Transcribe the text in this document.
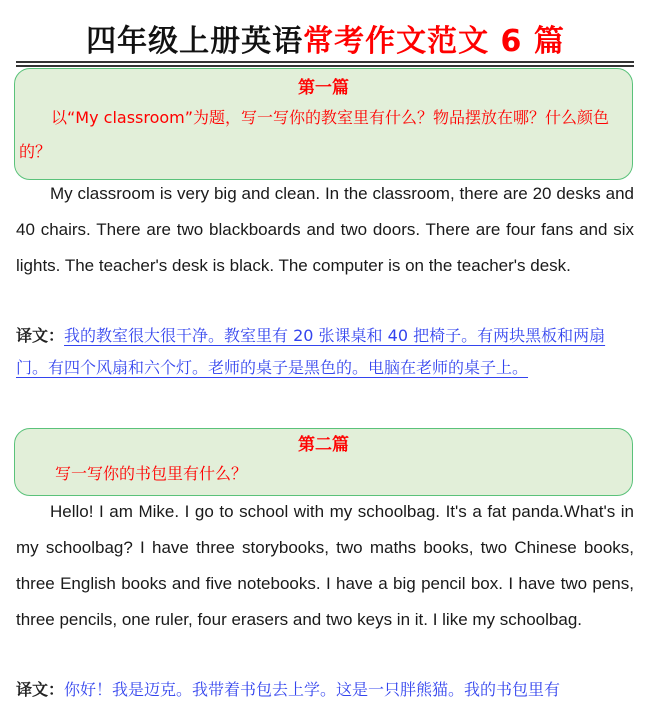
四年级上册英语常考作文范文 6 篇
第一篇
以“My classroom”为题，写一写你的教室里有什么？物品摆放在哪？什么颜色的？
My classroom is very big and clean. In the classroom, there are 20 desks and 40 chairs. There are two blackboards and two doors. There are four fans and six lights. The teacher's desk is black. The computer is on the teacher's desk.
译文：我的教室很大很干净。教室里有 20 张课桌和 40 把椅子。有两块黑板和两扇门。有四个风扇和六个灯。老师的桌子是黑色的。电脑在老师的桌子上。
第二篇
写一写你的书包里有什么？
Hello! I am Mike. I go to school with my schoolbag. It's a fat panda.What's in my schoolbag? I have three storybooks, two maths books, two Chinese books, three English books and five notebooks. I have a big pencil box. I have two pens, three pencils, one ruler, four erasers and two keys in it. I like my schoolbag.
译文：你好！我是迈克。我带着书包去上学。这是一只胖熊猫。我的书包里有
